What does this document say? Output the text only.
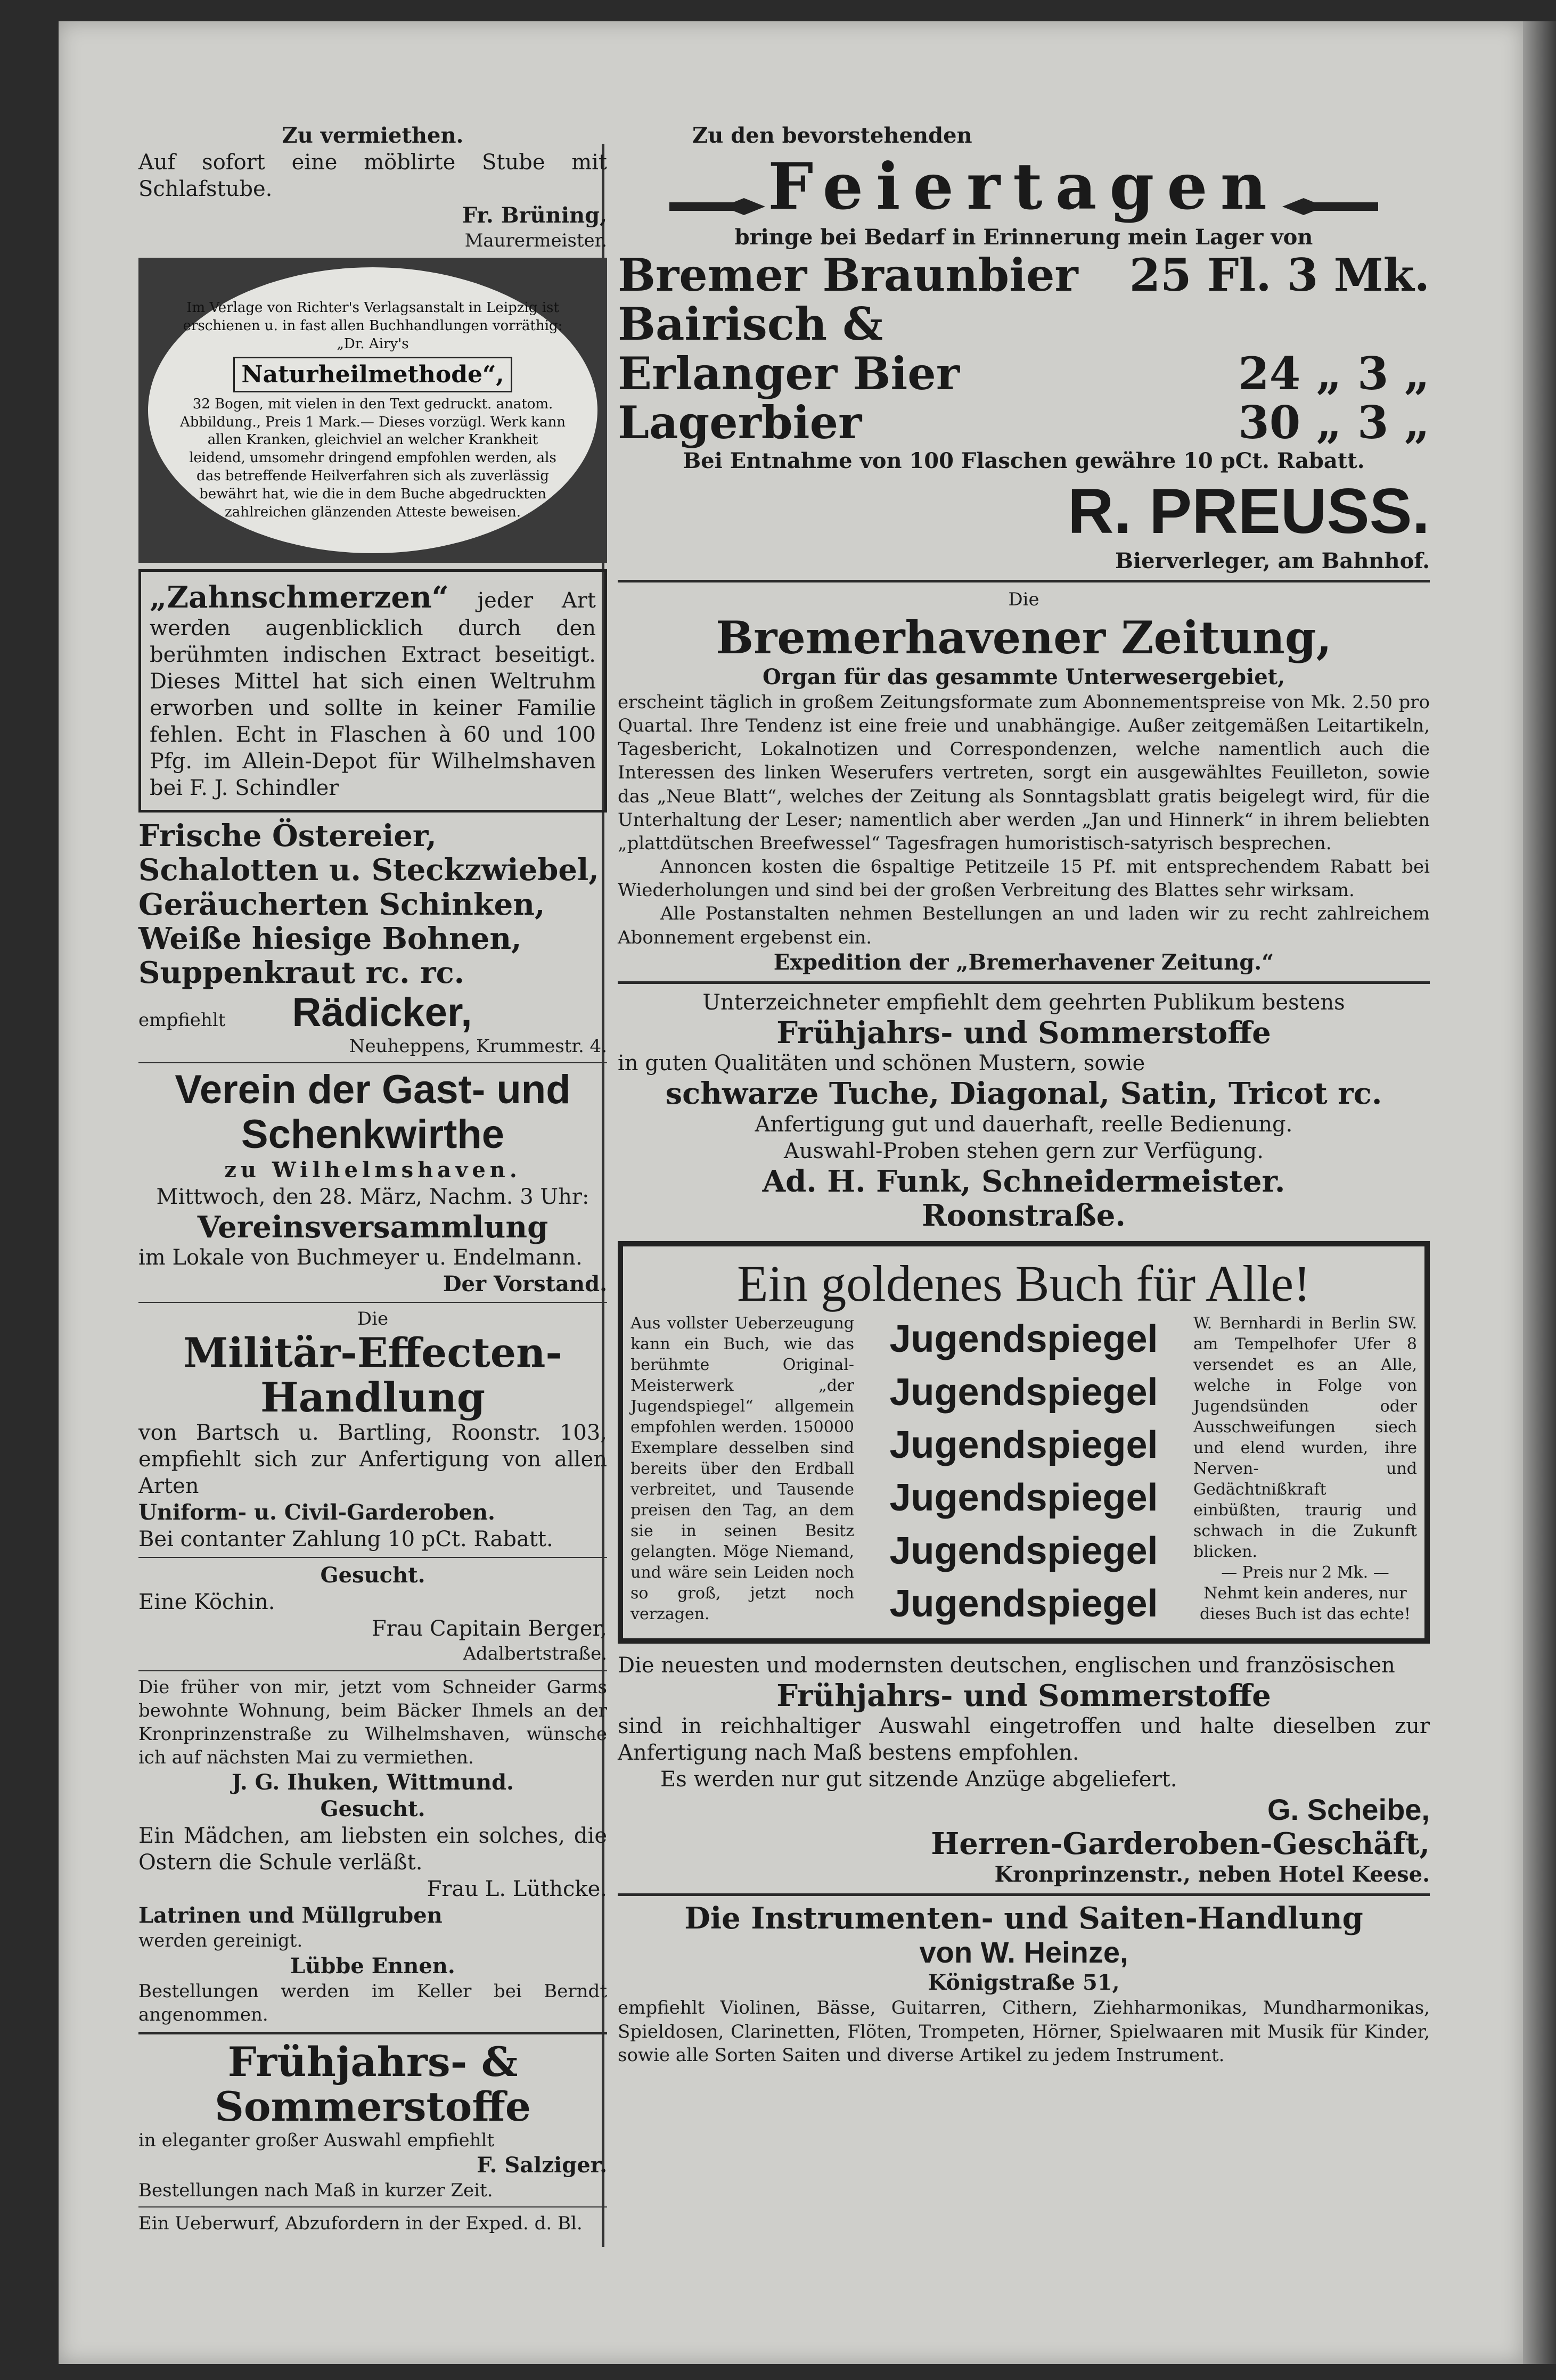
Zu vermiethen.
Auf sofort eine möblirte Stube mit Schlafstube.
Fr. Brüning,
Maurermeister.
Im Verlage von Richter's Verlagsanstalt in Leipzig ist erschienen u. in fast allen Buchhandlungen vorräthig: „Dr. Airy's
Naturheilmethode“,
32 Bogen, mit vielen in den Text gedruckt. anatom. Abbildung., Preis 1 Mark.— Dieses vorzügl. Werk kann allen Kranken, gleichviel an welcher Krankheit leidend, umsomehr dringend empfohlen werden, als das betreffende Heilverfahren sich als zuverlässig bewährt hat, wie die in dem Buche abgedruckten zahlreichen glänzenden Atteste beweisen.
„Zahnschmerzen“ jeder Art werden augenblicklich durch den berühmten indischen Extract beseitigt. Dieses Mittel hat sich einen Weltruhm erworben und sollte in keiner Familie fehlen. Echt in Flaschen à 60 und 100 Pfg. im Allein-Depot für Wilhelmshaven bei F. J. Schindler
Frische Östereier,
Schalotten u. Steckzwiebel,
Geräucherten Schinken,
Weiße hiesige Bohnen,
Suppenkraut rc. rc.
empfiehlt Rädicker,
Neuheppens, Krummestr. 4.
Verein der Gast- und
Schenkwirthe
zu Wilhelmshaven.
Mittwoch, den 28. März, Nachm. 3 Uhr:
Vereinsversammlung
im Lokale von Buchmeyer u. Endelmann.
Der Vorstand.
Die
Militär-Effecten-
Handlung
von Bartsch u. Bartling, Roonstr. 103, empfiehlt sich zur Anfertigung von allen Arten
Uniform- u. Civil-Garderoben.
Bei contanter Zahlung 10 pCt. Rabatt.
Gesucht.
Eine Köchin.
Frau Capitain Berger,
Adalbertstraße.
Die früher von mir, jetzt vom Schneider Garms bewohnte Wohnung, beim Bäcker Ihmels an der Kronprinzenstraße zu Wilhelmshaven, wünsche ich auf nächsten Mai zu vermiethen.
J. G. Ihuken, Wittmund.
Gesucht.
Ein Mädchen, am liebsten ein solches, die Ostern die Schule verläßt.
Frau L. Lüthcke.
Latrinen und Müllgruben
werden gereinigt.
Lübbe Ennen.
Bestellungen werden im Keller bei Berndt angenommen.
Frühjahrs- &
Sommerstoffe
in eleganter großer Auswahl empfiehlt
F. Salziger.
Bestellungen nach Maß in kurzer Zeit.
Ein Ueberwurf, Abzufordern in der Exped. d. Bl.
Zu den bevorstehenden
Feiertagen
bringe bei Bedarf in Erinnerung mein Lager von
Bremer Braunbier 25 Fl. 3 Mk.
Bairisch &
Erlanger Bier	24 „ 3 „
Lagerbier	30 „ 3 „
Bei Entnahme von 100 Flaschen gewähre 10 pCt. Rabatt.
R. PREUSS.
Bierverleger, am Bahnhof.
Die
Bremerhavener Zeitung,
Organ für das gesammte Unterwesergebiet,
erscheint täglich in großem Zeitungsformate zum Abonnementspreise von Mk. 2.50 pro Quartal. Ihre Tendenz ist eine freie und unabhängige. Außer zeitgemäßen Leitartikeln, Tagesbericht, Lokalnotizen und Correspondenzen, welche namentlich auch die Interessen des linken Weserufers vertreten, sorgt ein ausgewähltes Feuilleton, sowie das „Neue Blatt“, welches der Zeitung als Sonntagsblatt gratis beigelegt wird, für die Unterhaltung der Leser; namentlich aber werden „Jan und Hinnerk“ in ihrem beliebten „plattdütschen Breefwessel“ Tagesfragen humoristisch-satyrisch besprechen.
Annoncen kosten die 6spaltige Petitzeile 15 Pf. mit entsprechendem Rabatt bei Wiederholungen und sind bei der großen Verbreitung des Blattes sehr wirksam.
Alle Postanstalten nehmen Bestellungen an und laden wir zu recht zahlreichem Abonnement ergebenst ein.
Expedition der „Bremerhavener Zeitung.“
Unterzeichneter empfiehlt dem geehrten Publikum bestens
Frühjahrs- und Sommerstoffe
in guten Qualitäten und schönen Mustern, sowie
schwarze Tuche, Diagonal, Satin, Tricot rc.
Anfertigung gut und dauerhaft, reelle Bedienung.
Auswahl-Proben stehen gern zur Verfügung.
Ad. H. Funk, Schneidermeister.
Roonstraße.
Ein goldenes Buch für Alle!
Aus vollster Ueberzeugung kann ein Buch, wie das berühmte Original-Meisterwerk „der Jugendspiegel“ allgemein empfohlen werden. 150000 Exemplare desselben sind bereits über den Erdball verbreitet, und Tausende preisen den Tag, an dem sie in seinen Besitz gelangten. Möge Niemand, und wäre sein Leiden noch so groß, jetzt noch verzagen.
Jugendspiegel
Jugendspiegel
Jugendspiegel
Jugendspiegel
Jugendspiegel
Jugendspiegel
W. Bernhardi in Berlin SW. am Tempelhofer Ufer 8 versendet es an Alle, welche in Folge von Jugendsünden oder Ausschweifungen siech und elend wurden, ihre Nerven- und Gedächtnißkraft einbüßten, traurig und schwach in die Zukunft blicken.
— Preis nur 2 Mk. —
Nehmt kein anderes, nur dieses Buch ist das echte!
Die neuesten und modernsten deutschen, englischen und französischen
Frühjahrs- und Sommerstoffe
sind in reichhaltiger Auswahl eingetroffen und halte dieselben zur Anfertigung nach Maß bestens empfohlen.
Es werden nur gut sitzende Anzüge abgeliefert.
G. Scheibe,
Herren-Garderoben-Geschäft,
Kronprinzenstr., neben Hotel Keese.
Die Instrumenten- und Saiten-Handlung
von W. Heinze,
Königstraße 51,
empfiehlt Violinen, Bässe, Guitarren, Cithern, Ziehharmonikas, Mundharmonikas, Spieldosen, Clarinetten, Flöten, Trompeten, Hörner, Spielwaaren mit Musik für Kinder, sowie alle Sorten Saiten und diverse Artikel zu jedem Instrument.
